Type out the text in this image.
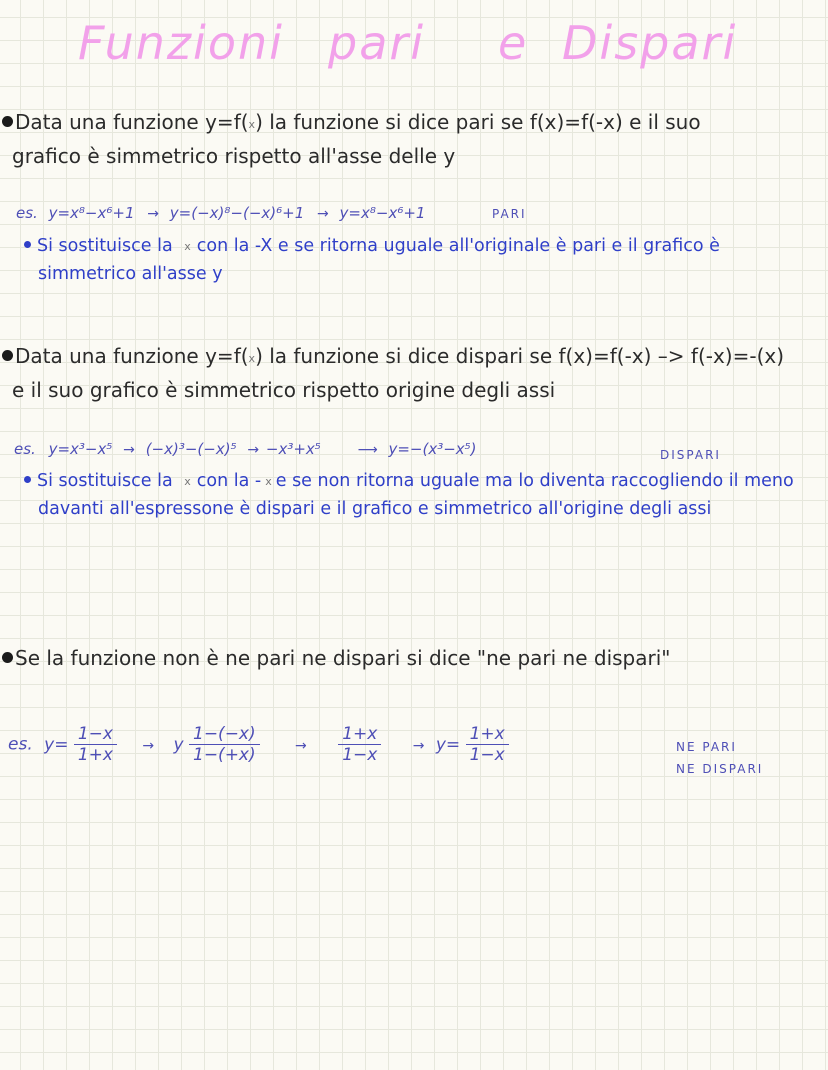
Funzioni pari e Dispari
Data una funzione y=f(x) la funzione si dice pari se f(x)=f(-x) e il suo
grafico è simmetrico rispetto all'asse delle y
es. y=x⁸−x⁶+1 → y=(−x)⁸−(−x)⁶+1 → y=x⁸−x⁶+1	PARI
Si sostituisce la x con la -X e se ritorna uguale all'originale è pari e il grafico è
simmetrico all'asse y
Data una funzione y=f(x) la funzione si dice dispari se f(x)=f(-x) –> f(-x)=-(x)
e il suo grafico è simmetrico rispetto origine degli assi
es. y=x³−x⁵ → (−x)³−(−x)⁵ → −x³+x⁵	⟶ y=−(x³−x⁵)	DISPARI
Si sostituisce la x con la - x e se non ritorna uguale ma lo diventa raccogliendo il meno
davanti all'espressone è dispari e il grafico e simmetrico all'origine degli assi
Se la funzione non è ne pari ne dispari si dice "ne pari ne dispari"
es. $y= \frac{1-x}{1+x} \to y \frac{1-(-x)}{1-(+x)}$	→ $\frac{1+x}{1-x} \to y= \frac{1+x}{1-x}$	NE PARI
NE DISPARI
